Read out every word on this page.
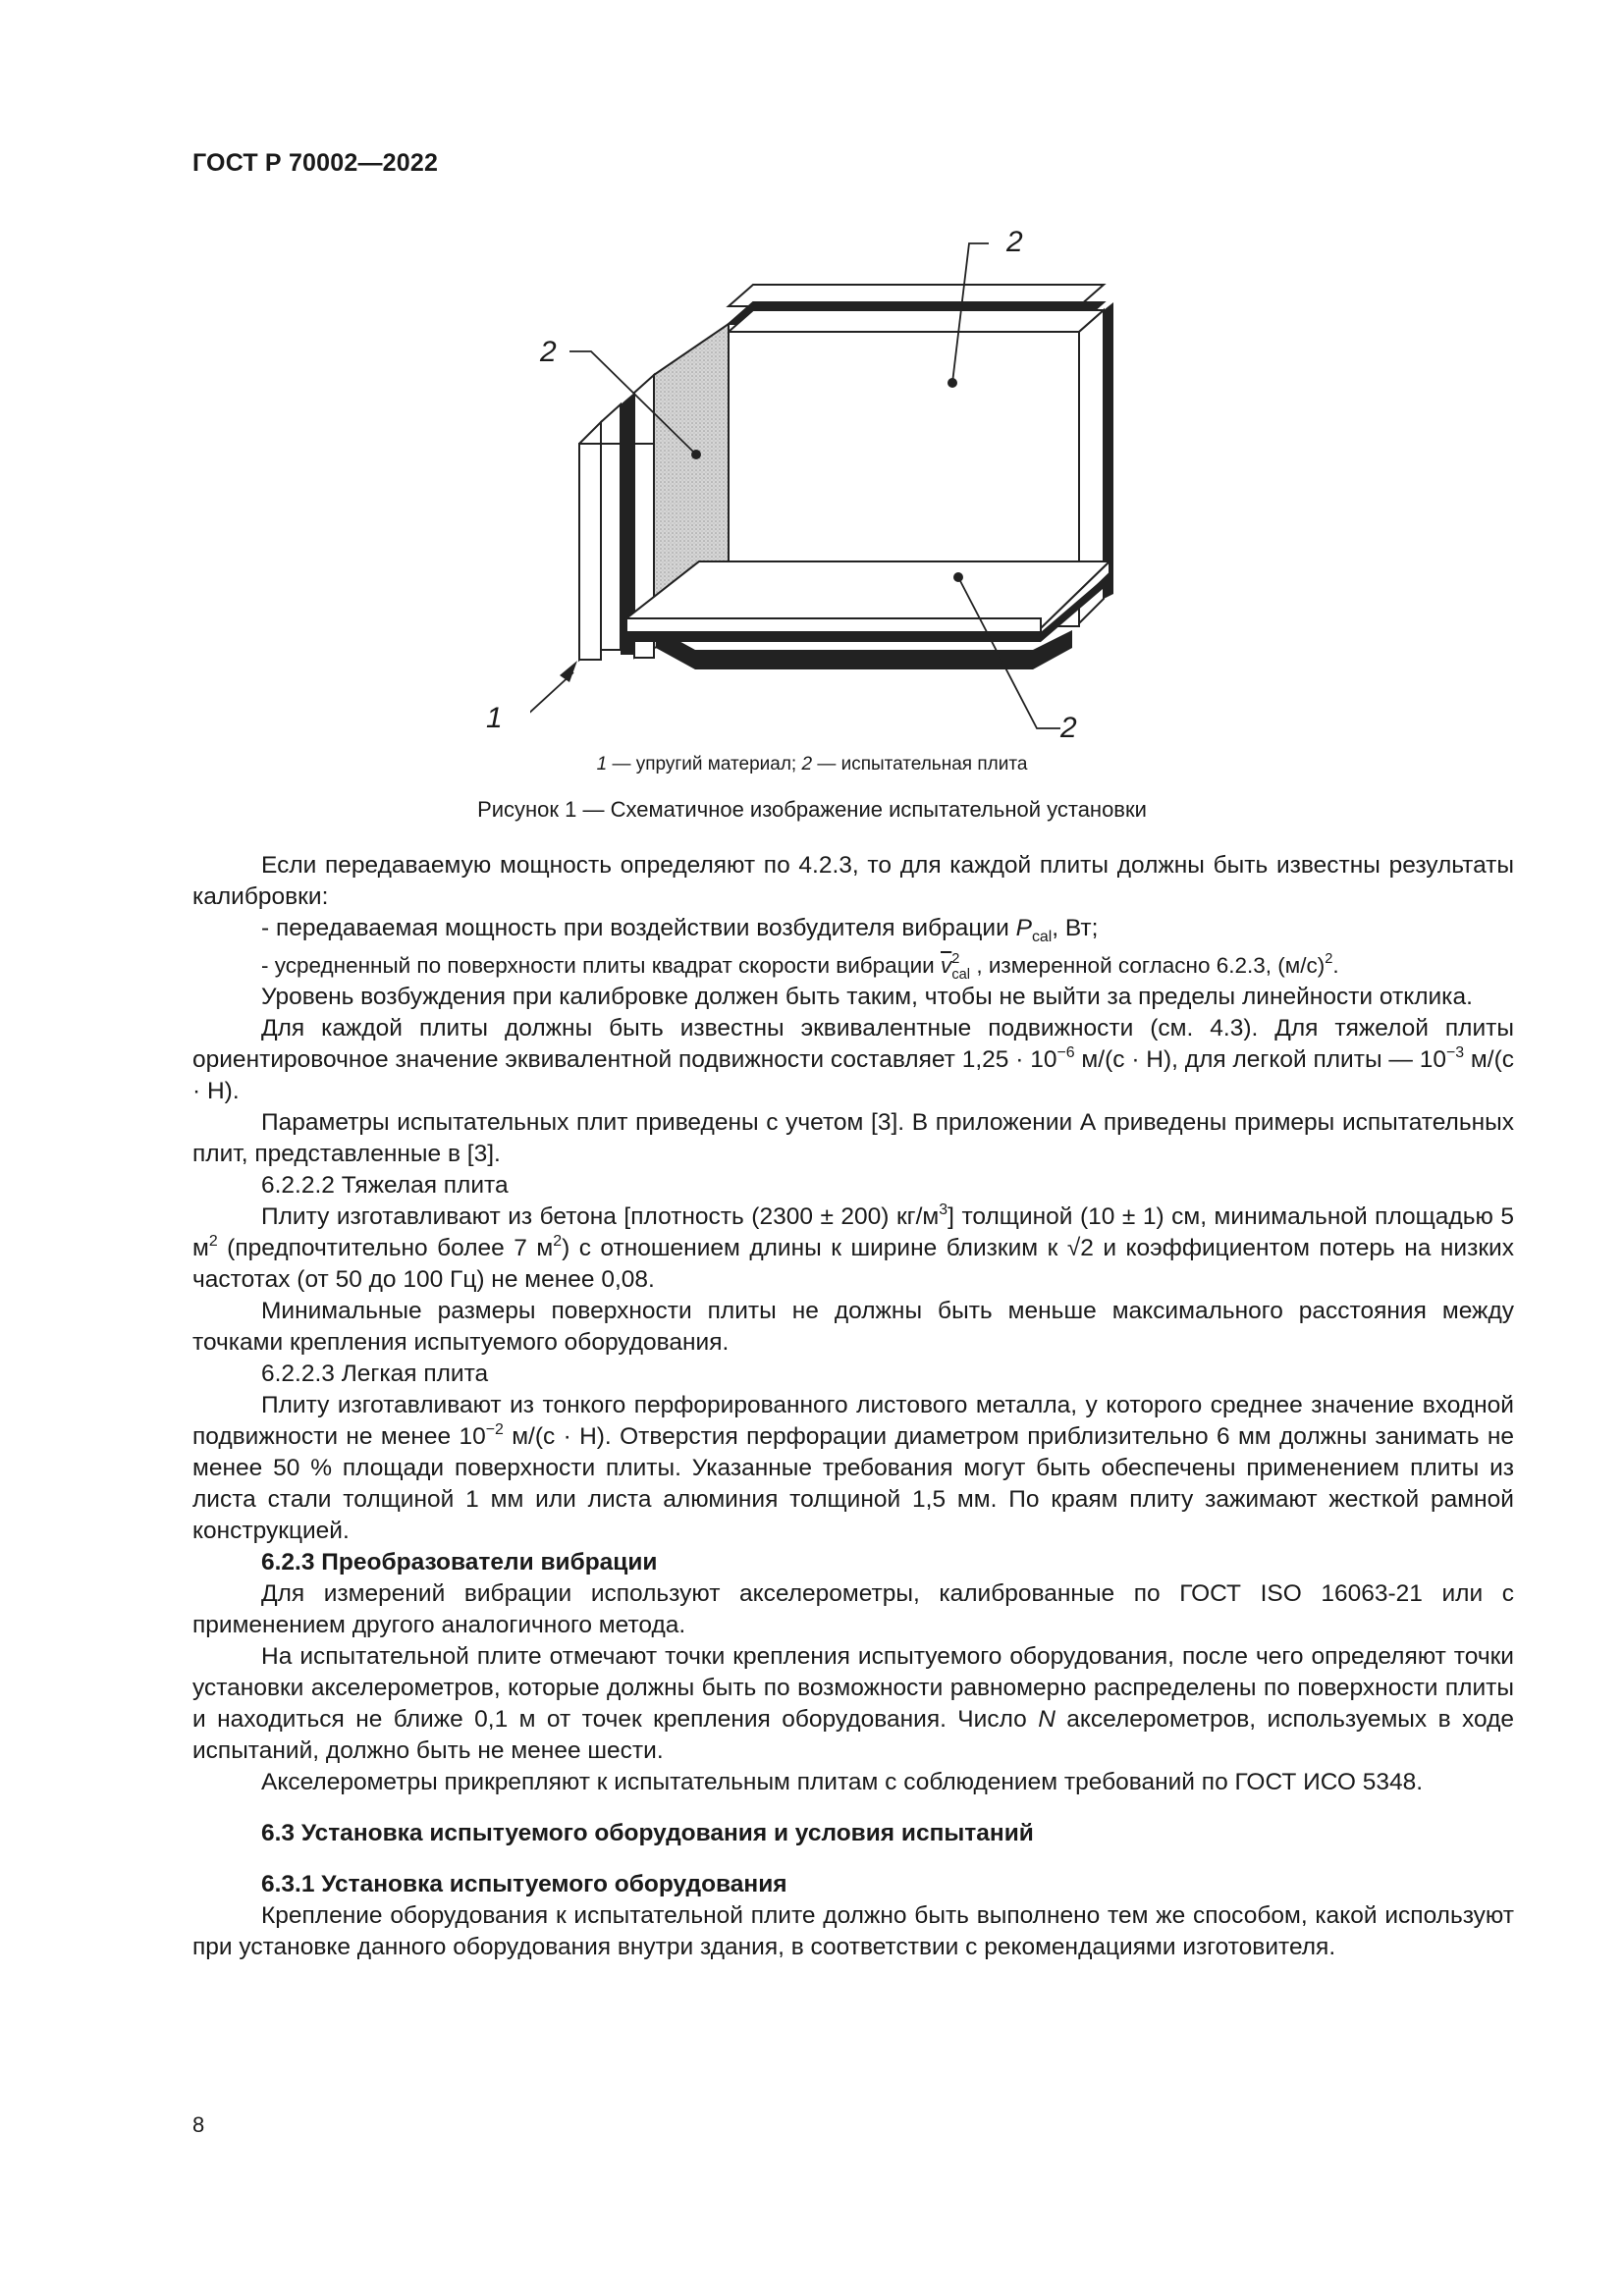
ГОСТ Р 70002—2022
2
2
1	2
1 — упругий материал; 2 — испытательная плита
Рисунок 1 — Схематичное изображение испытательной установки

Если передаваемую мощность определяют по 4.2.3, то для каждой плиты должны быть известны результаты калибровки:

- передаваемая мощность при воздействии возбудителя вибрации $P_{cal}$, Вт;

- усредненный по поверхности плиты квадрат скорости вибрации $\overline{v}^2_{cal}$ , измеренной согласно 6.2.3, $(м/с)^2$.

Уровень возбуждения при калибровке должен быть таким, чтобы не выйти за пределы линейности отклика.

Для каждой плиты должны быть известны эквивалентные подвижности (см. 4.3). Для тяжелой плиты ориентировочное значение эквивалентной подвижности составляет $1,25 \cdot 10^{-6}$ м/(с · Н), для легкой плиты — $10^{-3}$ м/(с · Н).

Параметры испытательных плит приведены с учетом [3]. В приложении А приведены примеры испытательных плит, представленные в [3].

6.2.2.2 Тяжелая плита

Плиту изготавливают из бетона [плотность (2300 ± 200) $кг/м^3$] толщиной (10 ± 1) см, минимальной площадью 5 $м^2$ (предпочтительно более 7 $м^2$) с отношением длины к ширине близким к √2 и коэффициентом потерь на низких частотах (от 50 до 100 Гц) не менее 0,08.

Минимальные размеры поверхности плиты не должны быть меньше максимального расстояния между точками крепления испытуемого оборудования.

6.2.2.3 Легкая плита

Плиту изготавливают из тонкого перфорированного листового металла, у которого среднее значение входной подвижности не менее $10^{-2}$ м/(с · Н). Отверстия перфорации диаметром приблизительно 6 мм должны занимать не менее 50 % площади поверхности плиты. Указанные требования могут быть обеспечены применением плиты из листа стали толщиной 1 мм или листа алюминия толщиной 1,5 мм. По краям плиту зажимают жесткой рамной конструкцией.

6.2.3 Преобразователи вибрации

Для измерений вибрации используют акселерометры, калиброванные по ГОСТ ISO 16063-21 или с применением другого аналогичного метода.

На испытательной плите отмечают точки крепления испытуемого оборудования, после чего определяют точки установки акселерометров, которые должны быть по возможности равномерно распределены по поверхности плиты и находиться не ближе 0,1 м от точек крепления оборудования. Число N акселерометров, используемых в ходе испытаний, должно быть не менее шести.

Акселерометры прикрепляют к испытательным плитам с соблюдением требований по ГОСТ ИСО 5348.

6.3 Установка испытуемого оборудования и условия испытаний

6.3.1 Установка испытуемого оборудования

Крепление оборудования к испытательной плите должно быть выполнено тем же способом, какой используют при установке данного оборудования внутри здания, в соответствии с рекомендациями изготовителя.

8
